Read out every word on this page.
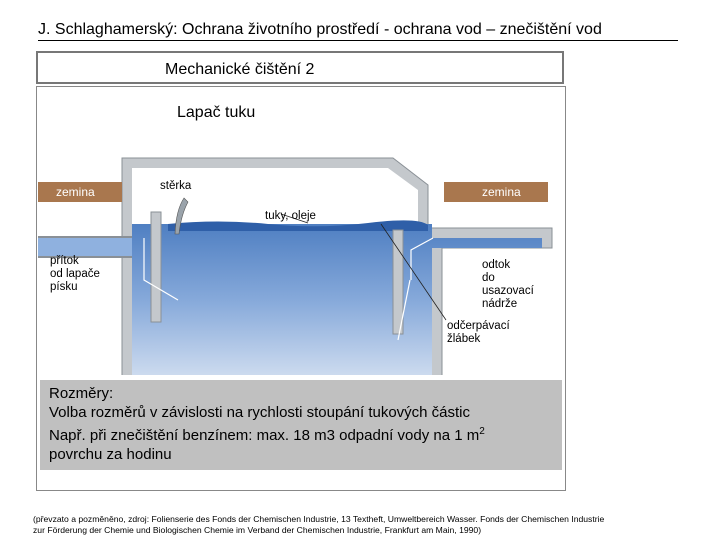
J. Schlaghamerský: Ochrana životního prostředí - ochrana vod – znečištění vod
Mechanické čištění 2
Lapač tuku
zemina	zemina
stěrka
tuky, oleje
přítok
od lapače
písku
odtok
do
usazovací
nádrže
odčerpávací
žlábek
Rozměry:
Volba rozměrů v závislosti na rychlosti stoupání tukových částic
Např. při znečištění benzínem: max. 18 m3 odpadní vody na 1 $m^2$
povrchu za hodinu
(převzato a pozměněno, zdroj: Folienserie des Fonds der Chemischen Industrie, 13 Textheft, Umweltbereich Wasser. Fonds der Chemischen Industrie
zur Förderung der Chemie und Biologischen Chemie im Verband der Chemischen Industrie, Frankfurt am Main, 1990)
